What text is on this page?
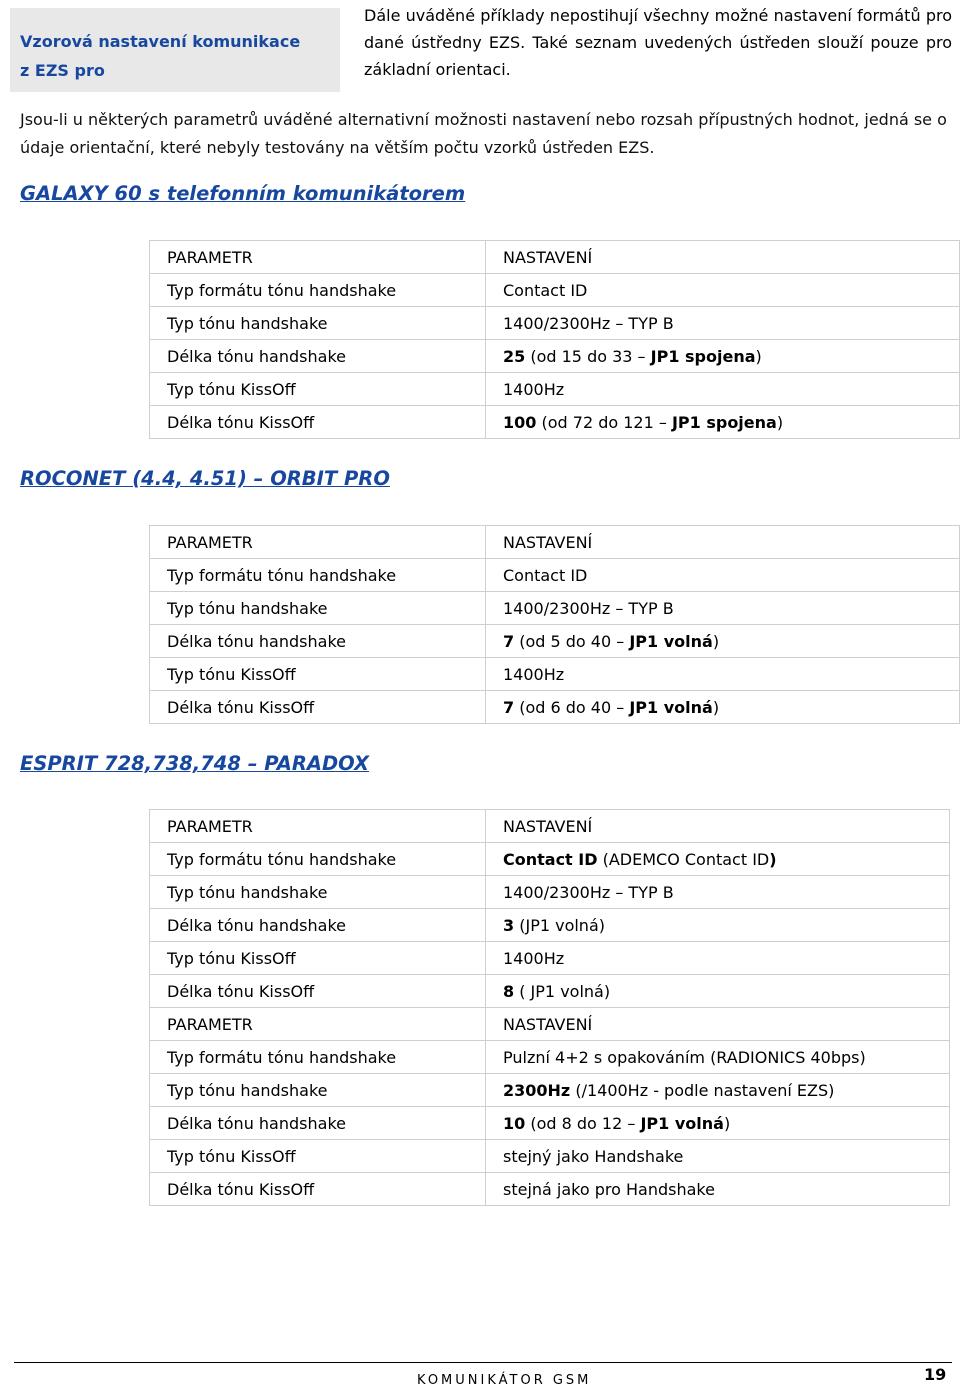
Vzorová nastavení komunikace
z EZS pro
Dále uváděné příklady nepostihují všechny možné nastavení formátů pro dané ústředny EZS. Také seznam uvedených ústředen slouží pouze pro základní orientaci.
Jsou-li u některých parametrů uváděné alternativní možnosti nastavení nebo rozsah přípustných hodnot, jedná se o údaje orientační, které nebyly testovány na větším počtu vzorků ústředen EZS.
GALAXY 60 s telefonním komunikátorem
PARAMETR	NASTAVENÍ
Typ formátu tónu handshake	Contact ID
Typ tónu handshake	1400/2300Hz – TYP B
Délka tónu handshake	25 (od 15 do 33 – JP1 spojena)
Typ tónu KissOff	1400Hz
Délka tónu KissOff	100 (od 72 do 121 – JP1 spojena)
ROCONET (4.4, 4.51) – ORBIT PRO
PARAMETR	NASTAVENÍ
Typ formátu tónu handshake	Contact ID
Typ tónu handshake	1400/2300Hz – TYP B
Délka tónu handshake	7 (od 5 do 40 – JP1 volná)
Typ tónu KissOff	1400Hz
Délka tónu KissOff	7 (od 6 do 40 – JP1 volná)
ESPRIT 728,738,748 – PARADOX
PARAMETR	NASTAVENÍ
Typ formátu tónu handshake	Contact ID (ADEMCO Contact ID)
Typ tónu handshake	1400/2300Hz – TYP B
Délka tónu handshake	3 (JP1 volná)
Typ tónu KissOff	1400Hz
Délka tónu KissOff	8 ( JP1 volná)
PARAMETR	NASTAVENÍ
Typ formátu tónu handshake	Pulzní 4+2 s opakováním (RADIONICS 40bps)
Typ tónu handshake	2300Hz (/1400Hz - podle nastavení EZS)
Délka tónu handshake	10 (od 8 do 12 – JP1 volná)
Typ tónu KissOff	stejný jako Handshake
Délka tónu KissOff	stejná jako pro Handshake
KOMUNIKÁTOR GSM	19
